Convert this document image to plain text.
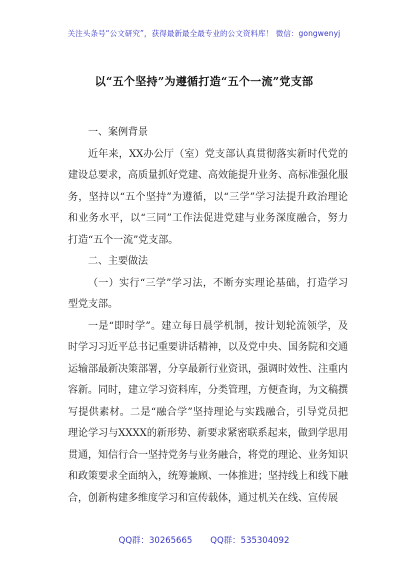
关注头条号“公文研究”，获得最新最全最专业的公文资料库！ 微信：gongwenyj
以“五个坚持”为遵循打造“五个一流”党支部

一、案例背景

近年来，XX办公厅（室）党支部认真贯彻落实新时代党的建设总要求，高质量抓好党建、高效能提升业务、高标准强化服务，坚持以“五个坚持”为遵循，以“三学”学习法提升政治理论和业务水平，以“三同”工作法促进党建与业务深度融合，努力打造“五个一流”党支部。

二、主要做法

（一）实行“三学”学习法，不断夯实理论基础，打造学习型党支部。

一是“即时学”。建立每日晨学机制，按计划轮流领学，及时学习习近平总书记重要讲话精神，以及党中央、国务院和交通运输部最新决策部署，分享最新行业资讯，强调时效性、注重内容新。同时，建立学习资料库，分类管理，方便查询，为文稿撰写提供素材。二是“融合学”坚持理论与实践融合，引导党员把理论学习与XXXX的新形势、新要求紧密联系起来，做到学思用贯通，知信行合一坚持党务与业务融合，将党的理论、业务知识和政策要求全面纳入，统筹兼顾、一体推进；坚持线上和线下融合，创新构建多维度学习和宣传载体，通过机关在线、宣传展

QQ群：30265665 QQ群：535304092
